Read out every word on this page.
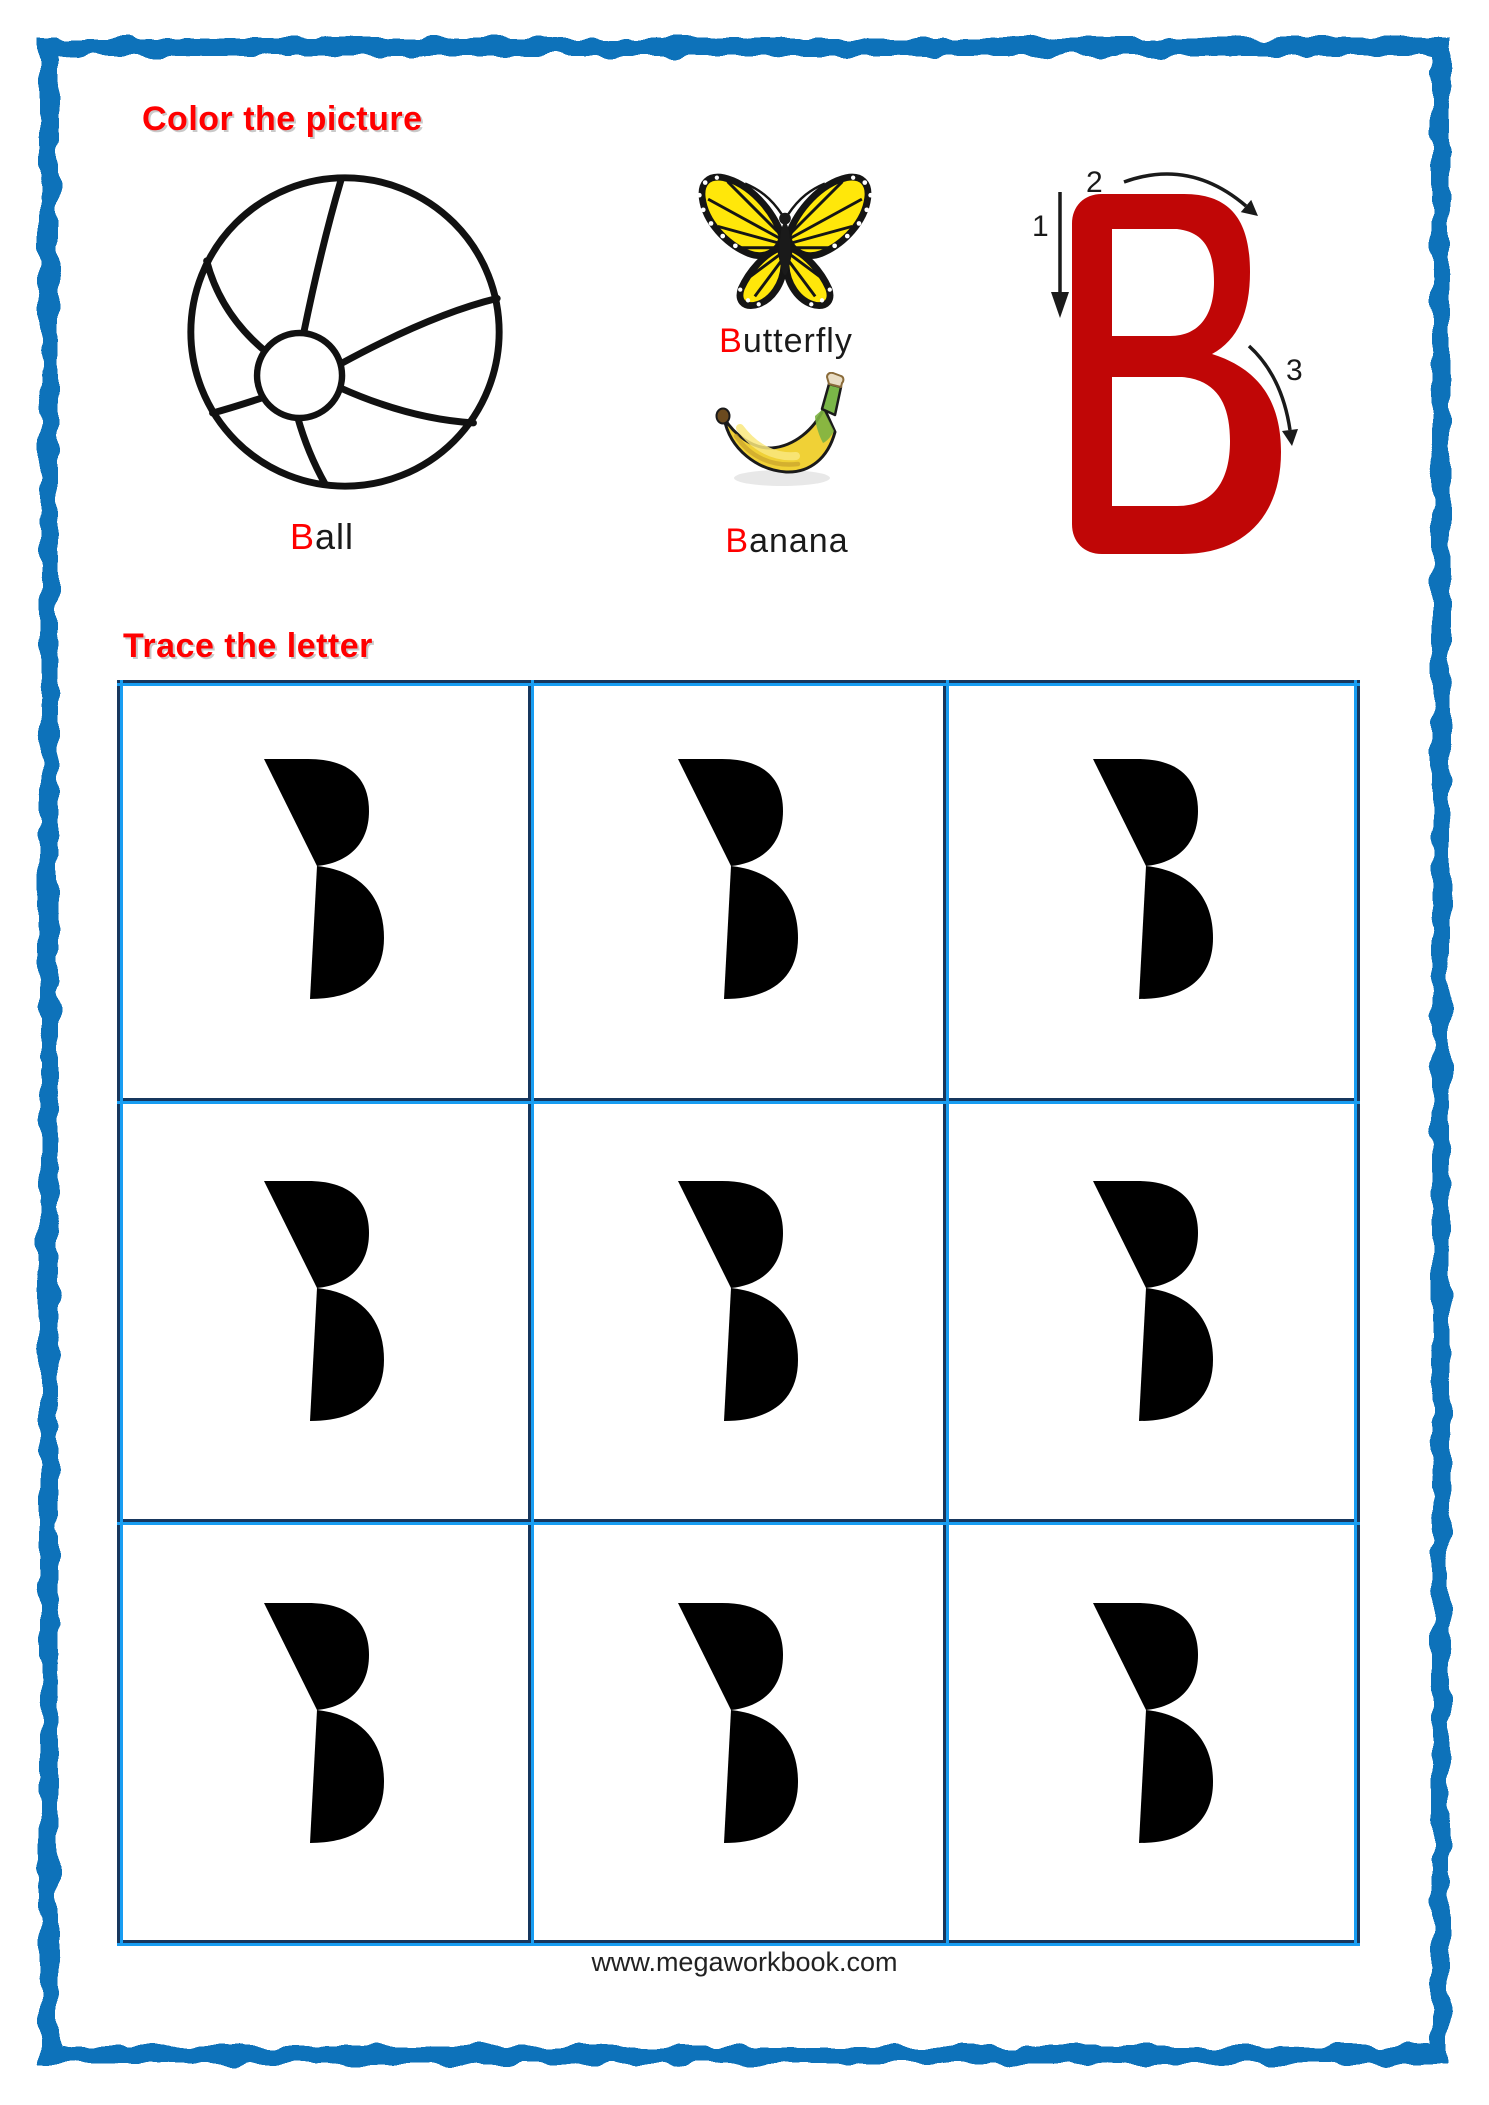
Color the picture
Ball
Butterfly
Banana
1
2
3
Trace the letter
www.megaworkbook.com
